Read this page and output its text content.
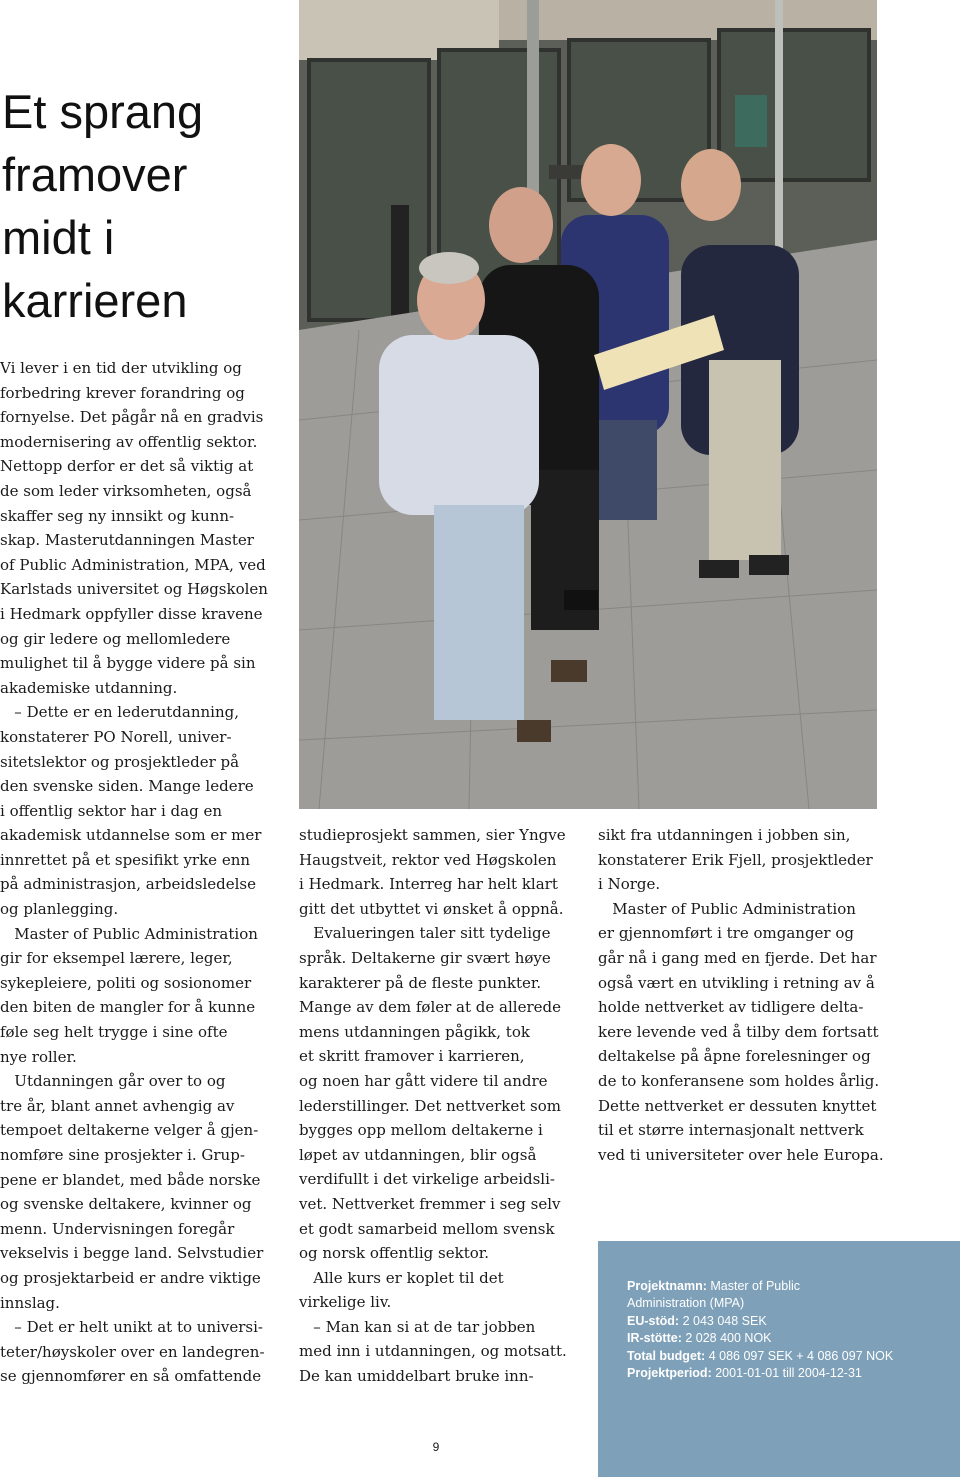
Et sprang
framover
midt i
karrieren

Vi lever i en tid der utvikling og

forbedring krever forandring og

fornyelse. Det pågår nå en gradvis

modernisering av offentlig sektor.

Nettopp derfor er det så viktig at

de som leder virksomheten, også

skaffer seg ny innsikt og kunn-

skap. Masterutdanningen Master

of Public Administration, MPA, ved

Karlstads universitet og Høgskolen

i Hedmark oppfyller disse kravene

og gir ledere og mellomledere

mulighet til å bygge videre på sin

akademiske utdanning.

– Dette er en lederutdanning,

konstaterer PO Norell, univer-

sitetslektor og prosjektleder på

den svenske siden. Mange ledere

i offentlig sektor har i dag en

akademisk utdannelse som er mer

innrettet på et spesifikt yrke enn

på administrasjon, arbeidsledelse

og planlegging.

Master of Public Administration

gir for eksempel lærere, leger,

sykepleiere, politi og sosionomer

den biten de mangler for å kunne

føle seg helt trygge i sine ofte

nye roller.

Utdanningen går over to og

tre år, blant annet avhengig av

tempoet deltakerne velger å gjen-

nomføre sine prosjekter i. Grup-

pene er blandet, med både norske

og svenske deltakere, kvinner og

menn. Undervisningen foregår

vekselvis i begge land. Selvstudier

og prosjektarbeid er andre viktige

innslag.

– Det er helt unikt at to universi-

teter/høyskoler over en landegren-

se gjennomfører en så omfattende

studieprosjekt sammen, sier Yngve

Haugstveit, rektor ved Høgskolen

i Hedmark. Interreg har helt klart

gitt det utbyttet vi ønsket å oppnå.

Evalueringen taler sitt tydelige

språk. Deltakerne gir svært høye

karakterer på de fleste punkter.

Mange av dem føler at de allerede

mens utdanningen pågikk, tok

et skritt framover i karrieren,

og noen har gått videre til andre

lederstillinger. Det nettverket som

bygges opp mellom deltakerne i

løpet av utdanningen, blir også

verdifullt i det virkelige arbeidsli-

vet. Nettverket fremmer i seg selv

et godt samarbeid mellom svensk

og norsk offentlig sektor.

Alle kurs er koplet til det

virkelige liv.

– Man kan si at de tar jobben

med inn i utdanningen, og motsatt.

De kan umiddelbart bruke inn-

sikt fra utdanningen i jobben sin,

konstaterer Erik Fjell, prosjektleder

i Norge.

Master of Public Administration

er gjennomført i tre omganger og

går nå i gang med en fjerde. Det har

også vært en utvikling i retning av å

holde nettverket av tidligere delta-

kere levende ved å tilby dem fortsatt

deltakelse på åpne forelesninger og

de to konferansene som holdes årlig.

Dette nettverket er dessuten knyttet

til et større internasjonalt nettverk

ved ti universiteter over hele Europa.

Projektnamn: Master of Public
Administration (MPA)
EU-stöd: 2 043 048 SEK
IR-stötte: 2 028 400 NOK
Total budget: 4 086 097 SEK + 4 086 097 NOK
Projektperiod: 2001-01-01 till 2004-12-31
9
